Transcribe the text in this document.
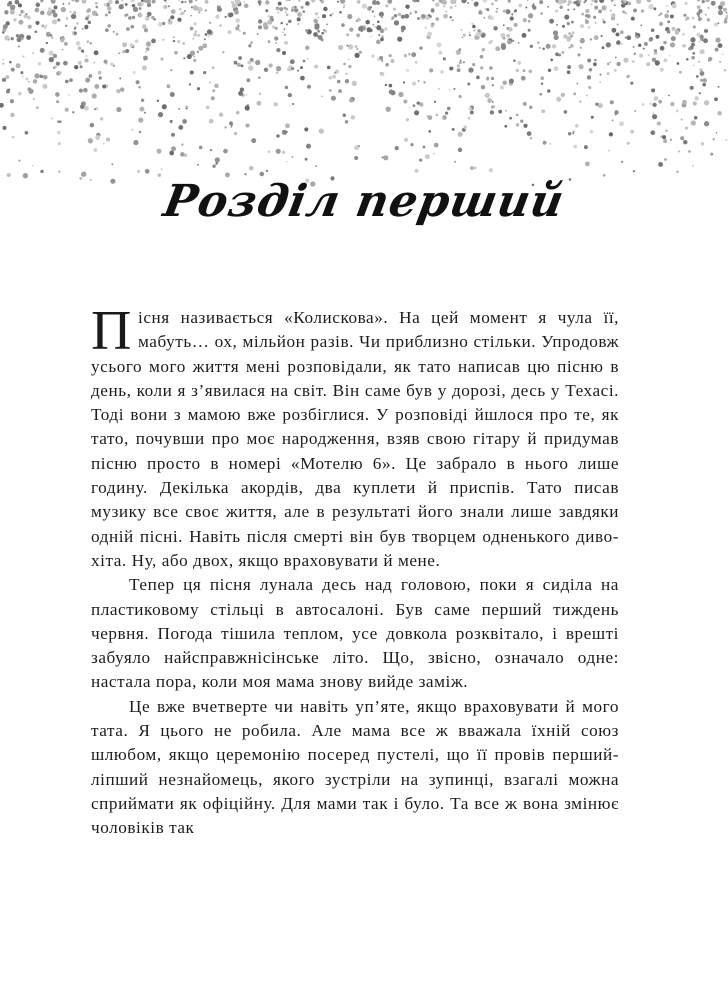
Розділ перший

Пісня називається «Колискова». На цей момент я чула її, мабуть… ох, мільйон разів. Чи приблизно стільки. Упродовж усього мого життя мені розповідали, як тато написав цю пісню в день, коли я з’явилася на світ. Він саме був у дорозі, десь у Техасі. Тоді вони з мамою вже розбіглися. У розповіді йшлося про те, як тато, почувши про моє народження, взяв свою гітару й придумав пісню просто в номері «Мотелю 6». Це забрало в нього лише годину. Декілька акордів, два куплети й приспів. Тато писав музику все своє життя, але в результаті його знали лише завдяки одній пісні. Навіть після смерті він був творцем одненького диво-хіта. Ну, або двох, якщо враховувати й мене.

Тепер ця пісня лунала десь над головою, поки я сиділа на пластиковому стільці в автосалоні. Був саме перший тиждень червня. Погода тішила теплом, усе довкола розквітало, і врешті забуяло найсправжнісінське літо. Що, звісно, означало одне: настала пора, коли моя мама знову вийде заміж.

Це вже вчетверте чи навіть уп’яте, якщо враховувати й мого тата. Я цього не робила. Але мама все ж вважала їхній союз шлюбом, якщо церемонію посеред пустелі, що її провів перший-ліпший незнайомець, якого зустріли на зупинці, взагалі можна сприймати як офіційну. Для мами так і було. Та все ж вона змінює чоловіків так
